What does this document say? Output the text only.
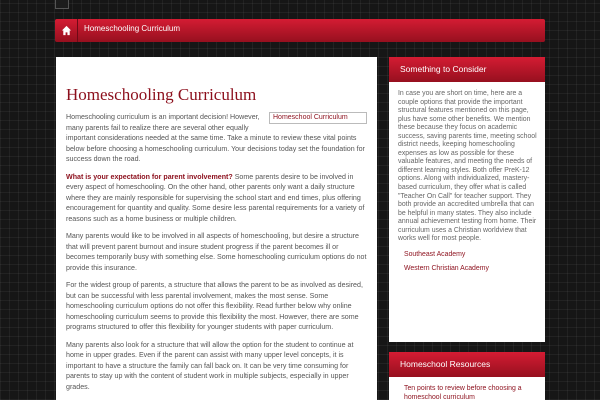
Homeschooling Curriculum
Homeschooling Curriculum
Homeschool Curriculum

Homeschooling curriculum is an important decision! However, many parents fail to realize there are several other equally important considerations needed at the same time. Take a minute to review these vital points below before choosing a homeschooling curriculum. Your decisions today set the foundation for success down the road.

What is your expectation for parent involvement? Some parents desire to be involved in every aspect of homeschooling. On the other hand, other parents only want a daily structure where they are mainly responsible for supervising the school start and end times, plus offering encouragement for quantity and quality. Some desire less parental requirements for a variety of reasons such as a home business or multiple children.

Many parents would like to be involved in all aspects of homeschooling, but desire a structure that will prevent parent burnout and insure student progress if the parent becomes ill or becomes temporarily busy with something else. Some homeschooling curriculum options do not provide this insurance.

For the widest group of parents, a structure that allows the parent to be as involved as desired, but can be successful with less parental involvement, makes the most sense. Some homeschooling curriculum options do not offer this flexibility. Read further below why online homeschooling curriculum seems to provide this flexibility the most. However, there are some programs structured to offer this flexibility for younger students with paper curriculum.

Many parents also look for a structure that will allow the option for the student to continue at home in upper grades. Even if the parent can assist with many upper level concepts, it is important to have a structure the family can fall back on. It can be very time consuming for parents to stay up with the content of student work in multiple subjects, especially in upper grades.

Something to Consider

In case you are short on time, here are a couple options that provide the important structural features mentioned on this page, plus have some other benefits. We mention these because they focus on academic success, saving parents time, meeting school district needs, keeping homeschooling expenses as low as possible for these valuable features, and meeting the needs of different learning styles. Both offer PreK-12 options. Along with individualized, mastery-based curriculum, they offer what is called "Teacher On Call" for teacher support. They both provide an accredited umbrella that can be helpful in many states. They also include annual achievement testing from home. Their curriculum uses a Christian worldview that works well for most people.

Southeast Academy
Western Christian Academy
Homeschool Resources
Ten points to review before choosing a homeschool curriculum
